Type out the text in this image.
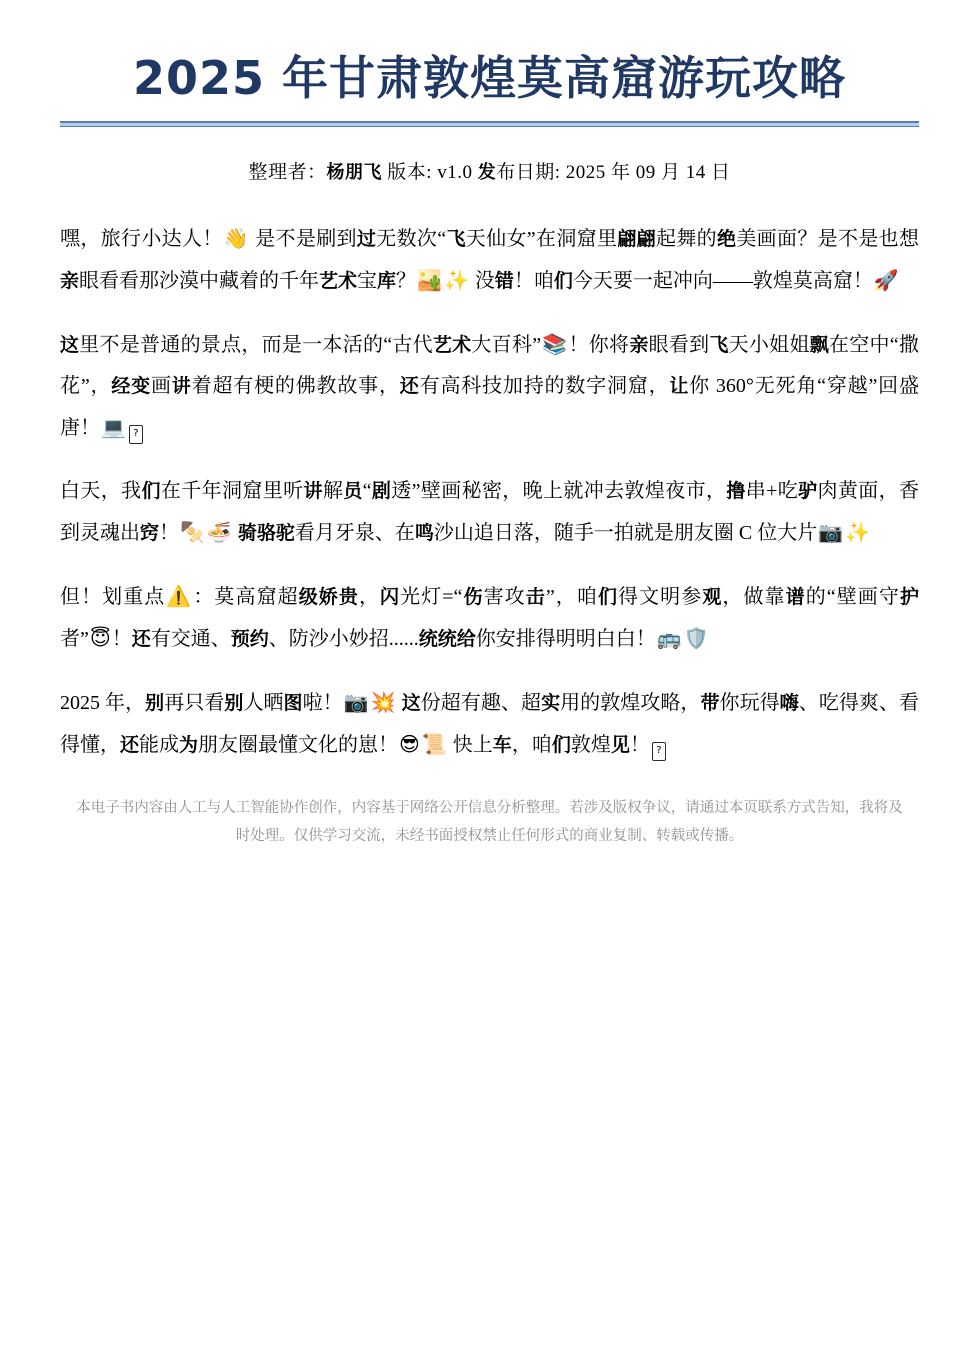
2025 年甘肃敦煌莫高窟游玩攻略

整理者：杨朋飞 版本: v1.0 发布日期: 2025 年 09 月 14 日

嘿，旅行小达人！👋 是不是刷到过无数次“飞天仙女”在洞窟里翩翩起舞的绝美画面？是不是也想亲眼看看那沙漠中藏着的千年艺术宝库？🏜️ ✨ 没错！咱们今天要一起冲向——敦煌莫高窟！🚀

这里不是普通的景点，而是一本活的“古代艺术大百科”📚！你将亲眼看到飞天小姐姐飘在空中“撒花”，经变画讲着超有梗的佛教故事，还有高科技加持的数字洞窟，让你 360°无死角“穿越”回盛唐！💻 ?

白天，我们在千年洞窟里听讲解员“剧透”壁画秘密，晚上就冲去敦煌夜市，撸串+吃驴肉黄面，香到灵魂出窍！🍢 🍜 骑骆驼看月牙泉、在鸣沙山追日落，随手一拍就是朋友圈 C 位大片📷 ✨

但！划重点⚠️：莫高窟超级娇贵，闪光灯=“伤害攻击”，咱们得文明参观，做靠谱的“壁画守护者”😇！还有交通、预约、防沙小妙招......统统给你安排得明明白白！🚌 🛡️

2025 年，别再只看别人晒图啦！📷 💥 这份超有趣、超实用的敦煌攻略，带你玩得嗨、吃得爽、看得懂，还能成为朋友圈最懂文化的崽！😎 📜 快上车，咱们敦煌见！ ?

本电子书内容由人工与人工智能协作创作，内容基于网络公开信息分析整理。若涉及版权争议，请通过本页联系方式告知，我将及时处理。仅供学习交流，未经书面授权禁止任何形式的商业复制、转载或传播。
